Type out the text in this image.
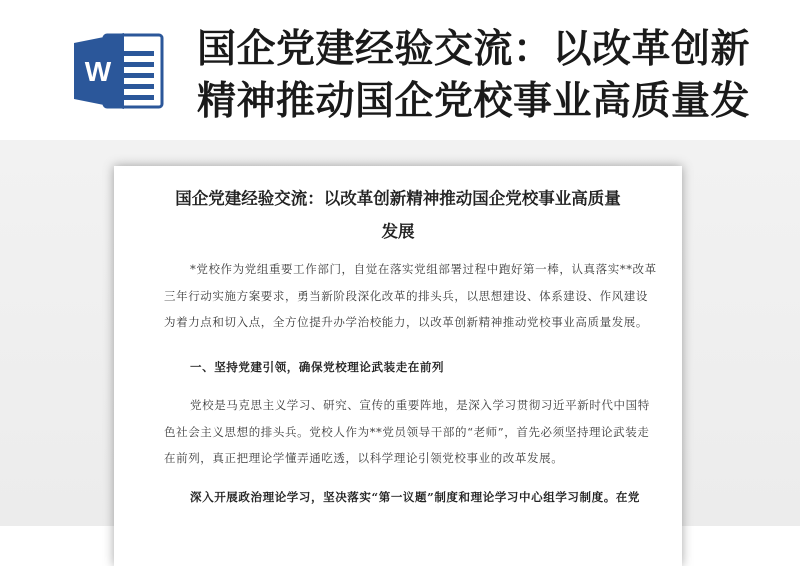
W 国企党建经验交流：以改革创新
精神推动国企党校事业高质量发
国企党建经验交流：以改革创新精神推动国企党校事业高质量
发展
*党校作为党组重要工作部门，自觉在落实党组部署过程中跑好第一棒，认真落实**改革三年行动实施方案要求，勇当新阶段深化改革的排头兵，以思想建设、体系建设、作风建设为着力点和切入点，全方位提升办学治校能力，以改革创新精神推动党校事业高质量发展。
一、坚持党建引领，确保党校理论武装走在前列
党校是马克思主义学习、研究、宣传的重要阵地，是深入学习贯彻习近平新时代中国特色社会主义思想的排头兵。党校人作为**党员领导干部的“老师”，首先必须坚持理论武装走在前列，真正把理论学懂弄通吃透，以科学理论引领党校事业的改革发展。
深入开展政治理论学习，坚决落实“第一议题”制度和理论学习中心组学习制度。在党
